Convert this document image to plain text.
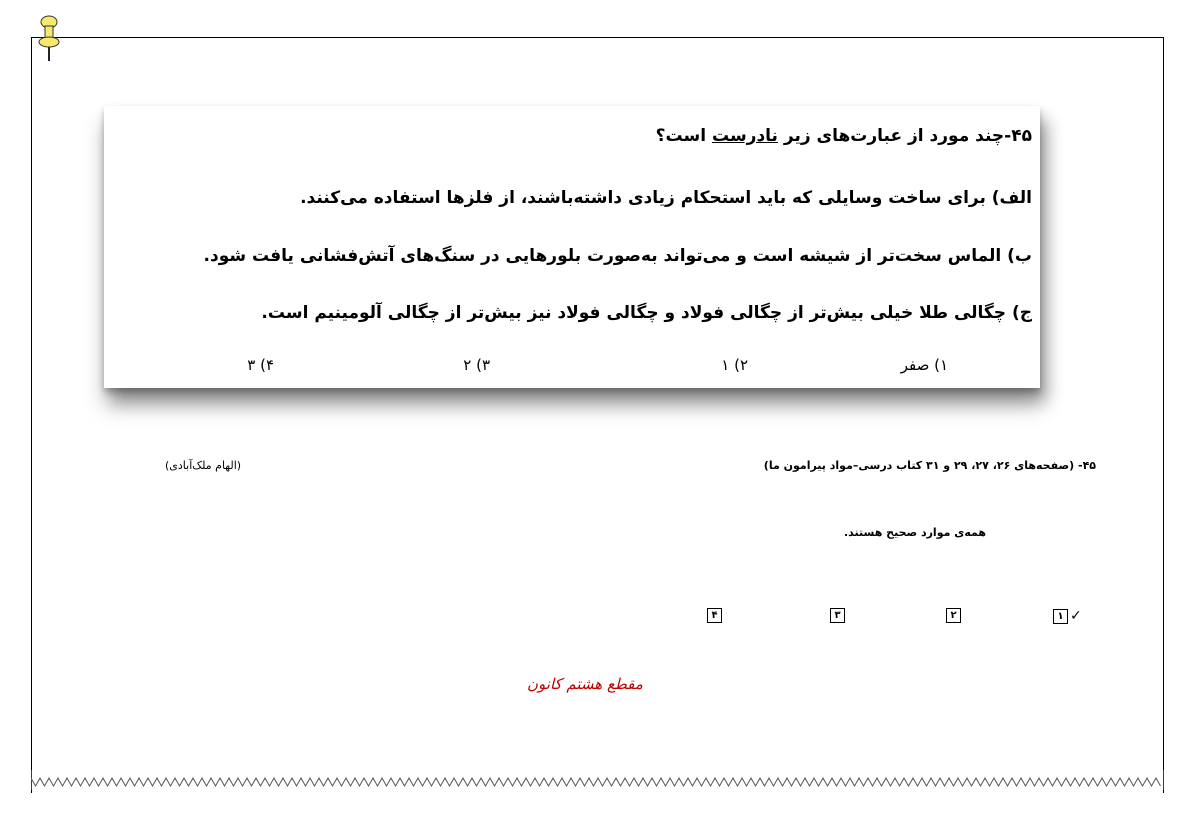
۴۵-چند مورد از عبارت‌های زیر نادرست است؟
الف) برای ساخت وسایلی که باید استحکام زیادی داشته‌باشند، از فلزها استفاده می‌کنند.
ب) الماس سخت‌تر از شیشه است و می‌تواند به‌صورت بلورهایی در سنگ‌های آتش‌فشانی یافت شود.
ج) چگالی طلا خیلی بیش‌تر از چگالی فولاد و چگالی فولاد نیز بیش‌تر از چگالی آلومینیم است.
۱) صفر
۲) ۱
۳) ۲
۴) ۳
۴۵- (صفحه‌های ۲۶، ۲۷، ۲۹ و ۳۱ کتاب درسی–مواد پیرامون ما)
(الهام ملک‌آبادی)
همه‌ی موارد صحیح هستند.
۱ ✓
۲
۳
۴
مقطع هشتم کانون
